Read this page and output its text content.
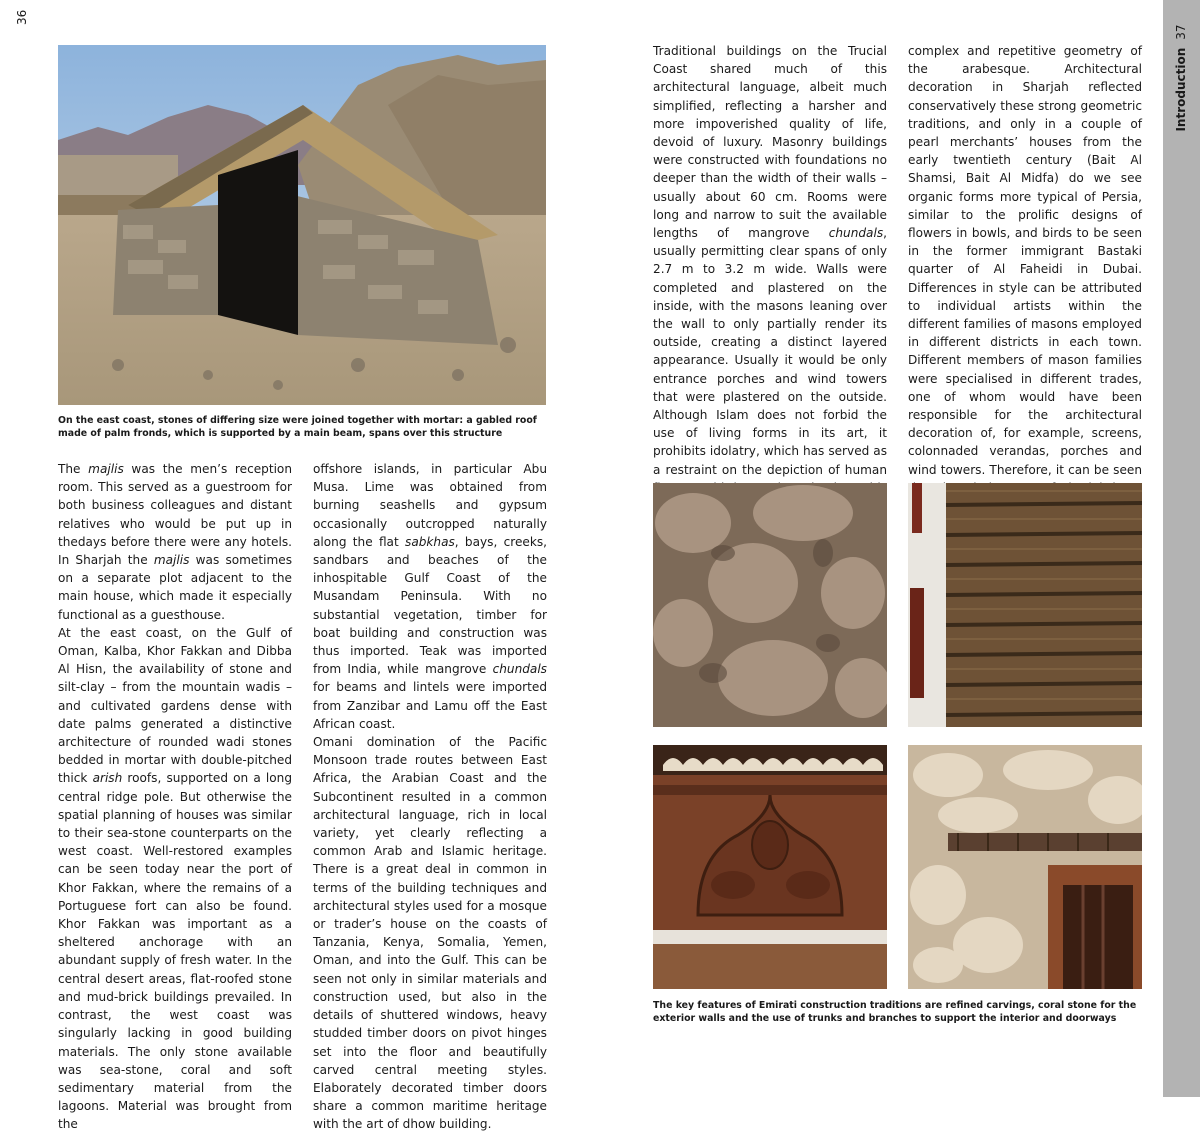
36
Introduction37
On the east coast, stones of differing size were joined together with mortar: a gabled roof made of palm fronds, which is supported by a main beam, spans over this structure

The majlis was the men’s reception room. This served as a guestroom for both business colleagues and distant relatives who would be put up in thedays before there were any hotels. In Sharjah the majlis was sometimes on a separate plot adjacent to the main house, which made it especially functional as a guesthouse.

At the east coast, on the Gulf of Oman, Kalba, Khor Fakkan and Dibba Al Hisn, the availability of stone and silt-clay – from the mountain wadis – and cultivated gardens dense with date palms generated a distinctive architecture of rounded wadi stones bedded in mortar with double-pitched thick arish roofs, supported on a long central ridge pole. But otherwise the spatial planning of houses was similar to their sea-stone counterparts on the west coast. Well-restored examples can be seen today near the port of Khor Fakkan, where the remains of a Portuguese fort can also be found. Khor Fakkan was important as a sheltered anchorage with an abundant supply of fresh water. In the central desert areas, flat-roofed stone and mud-brick buildings prevailed. In contrast, the west coast was singularly lacking in good building materials. The only stone available was sea-stone, coral and soft sedimentary material from the lagoons. Material was brought from the

offshore islands, in particular Abu Musa. Lime was obtained from burning seashells and gypsum occasionally outcropped naturally along the flat sabkhas, bays, creeks, sandbars and beaches of the inhospitable Gulf Coast of the Musandam Peninsula. With no substantial vegetation, timber for boat building and construction was thus imported. Teak was imported from India, while mangrove chundals for beams and lintels were imported from Zanzibar and Lamu off the East African coast.

Omani domination of the Pacific Monsoon trade routes between East Africa, the Arabian Coast and the Subcontinent resulted in a common architectural language, rich in local variety, yet clearly reflecting a common Arab and Islamic heritage. There is a great deal in common in terms of the building techniques and architectural styles used for a mosque or trader’s house on the coasts of Tanzania, Kenya, Somalia, Yemen, Oman, and into the Gulf. This can be seen not only in similar materials and construction used, but also in the details of shuttered windows, heavy studded timber doors on pivot hinges set into the floor and beautifully carved central meeting styles. Elaborately decorated timber doors share a common maritime heritage with the art of dhow building.

Traditional buildings on the Trucial Coast shared much of this architectural language, albeit much simplified, reflecting a harsher and more impoverished quality of life, devoid of luxury. Masonry buildings were constructed with foundations no deeper than the width of their walls – usually about 60 cm. Rooms were long and narrow to suit the available lengths of mangrove chundals, usually permitting clear spans of only 2.7 m to 3.2 m wide. Walls were completed and plastered on the inside, with the masons leaning over the wall to only partially render its outside, creating a distinct layered appearance. Usually it would be only entrance porches and wind towers that were plastered on the outside. Although Islam does not forbid the use of living forms in its art, it prohibits idolatry, which has served as a restraint on the depiction of human

complex and repetitive geometry of the arabesque. Architectural decoration in Sharjah reflected conservatively these strong geometric traditions, and only in a couple of pearl merchants’ houses from the early twentieth century (Bait Al Shamsi, Bait Al Midfa) do we see organic forms more typical of Persia, similar to the prolific designs of flowers in bowls, and birds to be seen in the former immigrant Bastaki quarter of Al Faheidi in Dubai. Differences in style can be attributed to individual artists within the different families of masons employed in different districts in each town. Different members of mason families were specialised in different trades, one of whom would have been responsible for the architectural decoration of, for example, screens, colonnaded verandas, porches and wind towers. Therefore, it can be seen

The key features of Emirati construction traditions are refined carvings, coral stone for the exterior walls and the use of trunks and branches to support the interior and doorways
